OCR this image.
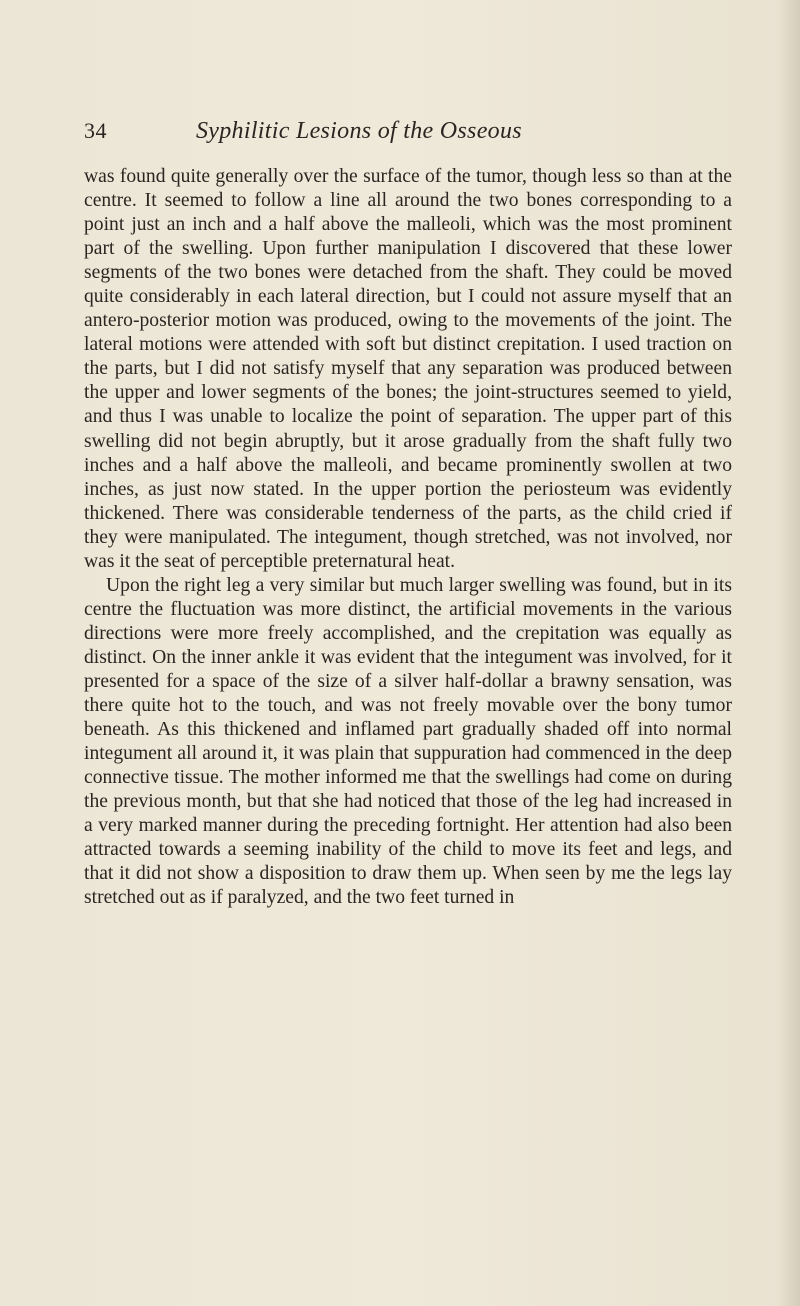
34	Syphilitic Lesions of the Osseous

was found quite generally over the surface of the tumor, though less so than at the centre. It seemed to follow a line all around the two bones corresponding to a point just an inch and a half above the malleoli, which was the most prominent part of the swelling. Upon further manipulation I discovered that these lower segments of the two bones were detached from the shaft. They could be moved quite considerably in each lateral direction, but I could not assure myself that an antero-posterior motion was produced, owing to the movements of the joint. The lateral motions were attended with soft but distinct crepitation. I used traction on the parts, but I did not satisfy myself that any separation was produced between the upper and lower segments of the bones; the joint-structures seemed to yield, and thus I was unable to localize the point of separation. The upper part of this swelling did not begin abruptly, but it arose gradually from the shaft fully two inches and a half above the malleoli, and became prominently swollen at two inches, as just now stated. In the upper portion the periosteum was evidently thickened. There was considerable tenderness of the parts, as the child cried if they were manipulated. The integument, though stretched, was not involved, nor was it the seat of perceptible preternatural heat.

Upon the right leg a very similar but much larger swelling was found, but in its centre the fluctuation was more distinct, the artificial movements in the various directions were more freely accomplished, and the crepitation was equally as distinct. On the inner ankle it was evident that the integument was involved, for it presented for a space of the size of a silver half-dollar a brawny sensation, was there quite hot to the touch, and was not freely movable over the bony tumor beneath. As this thickened and inflamed part gradually shaded off into normal integument all around it, it was plain that suppuration had commenced in the deep connective tissue. The mother informed me that the swellings had come on during the previous month, but that she had noticed that those of the leg had increased in a very marked manner during the preceding fortnight. Her attention had also been attracted towards a seeming inability of the child to move its feet and legs, and that it did not show a disposition to draw them up. When seen by me the legs lay stretched out as if paralyzed, and the two feet turned in
